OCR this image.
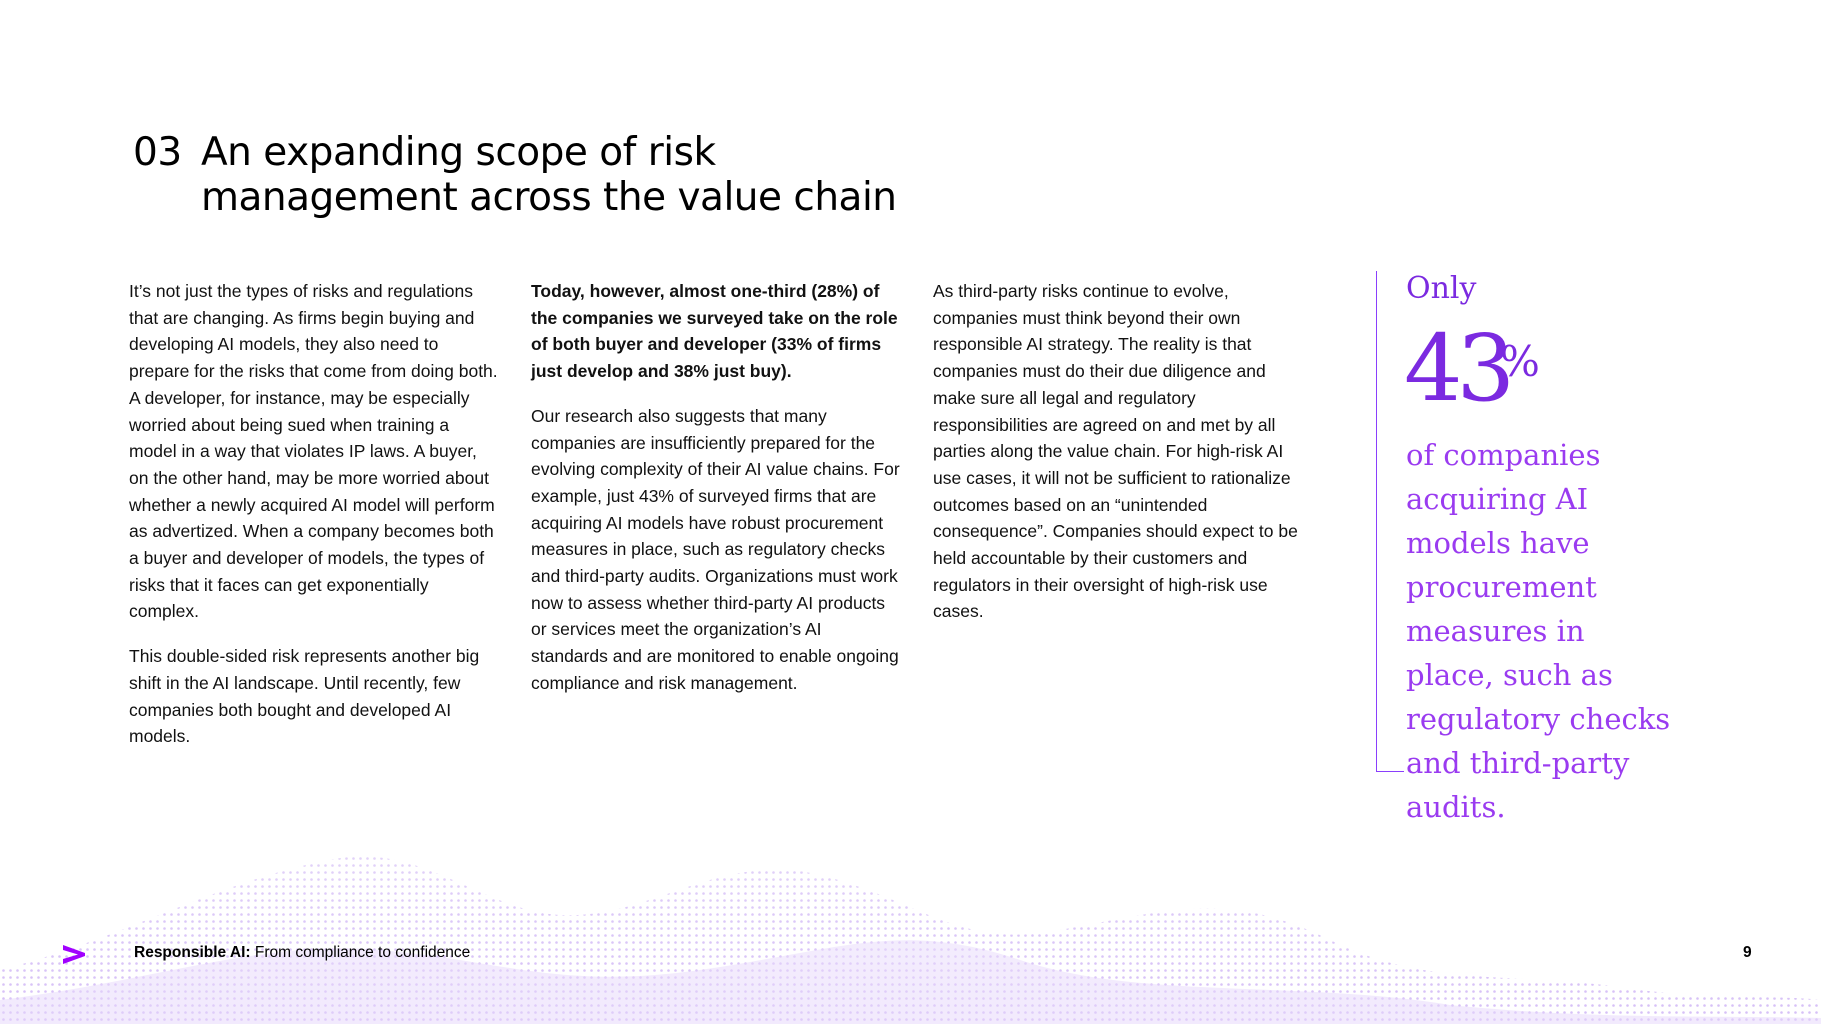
03 An expanding scope of risk management across the value chain

It’s not just the types of risks and regulations that are changing. As firms begin buying and developing AI models, they also need to prepare for the risks that come from doing both. A developer, for instance, may be especially worried about being sued when training a model in a way that violates IP laws. A buyer, on the other hand, may be more worried about whether a newly acquired AI model will perform as advertized. When a company becomes both a buyer and developer of models, the types of risks that it faces can get exponentially complex.

This double-sided risk represents another big shift in the AI landscape. Until recently, few companies both bought and developed AI models.

Today, however, almost one-third (28%) of the companies we surveyed take on the role of both buyer and developer (33% of firms just develop and 38% just buy).

Our research also suggests that many companies are insufficiently prepared for the evolving complexity of their AI value chains. For example, just 43% of surveyed firms that are acquiring AI models have robust procurement measures in place, such as regulatory checks and third-party audits. Organizations must work now to assess whether third-party AI products or services meet the organization’s AI standards and are monitored to enable ongoing compliance and risk management.

As third-party risks continue to evolve, companies must think beyond their own responsible AI strategy. The reality is that companies must do their due diligence and make sure all legal and regulatory responsibilities are agreed on and met by all parties along the value chain. For high-risk AI use cases, it will not be sufficient to rationalize outcomes based on an “unintended consequence”. Companies should expect to be held accountable by their customers and regulators in their oversight of high-risk use cases.

Only
43
%
of companies acquiring AI models have procurement measures in place, such as regulatory checks and third-party audits.
Responsible AI: From compliance to confidence	9
